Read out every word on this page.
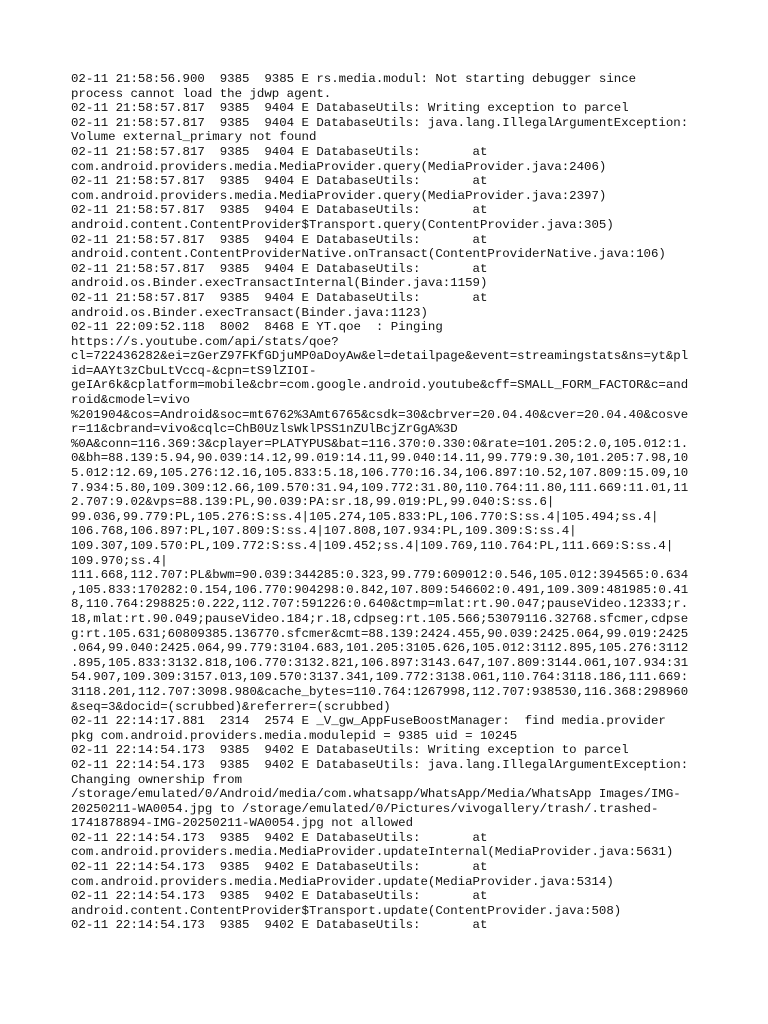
02-11 21:58:56.900  9385  9385 E rs.media.modul: Not starting debugger since
process cannot load the jdwp agent.
02-11 21:58:57.817  9385  9404 E DatabaseUtils: Writing exception to parcel
02-11 21:58:57.817  9385  9404 E DatabaseUtils: java.lang.IllegalArgumentException:
Volume external_primary not found
02-11 21:58:57.817  9385  9404 E DatabaseUtils:       at
com.android.providers.media.MediaProvider.query(MediaProvider.java:2406)
02-11 21:58:57.817  9385  9404 E DatabaseUtils:       at
com.android.providers.media.MediaProvider.query(MediaProvider.java:2397)
02-11 21:58:57.817  9385  9404 E DatabaseUtils:       at
android.content.ContentProvider$Transport.query(ContentProvider.java:305)
02-11 21:58:57.817  9385  9404 E DatabaseUtils:       at
android.content.ContentProviderNative.onTransact(ContentProviderNative.java:106)
02-11 21:58:57.817  9385  9404 E DatabaseUtils:       at
android.os.Binder.execTransactInternal(Binder.java:1159)
02-11 21:58:57.817  9385  9404 E DatabaseUtils:       at
android.os.Binder.execTransact(Binder.java:1123)
02-11 22:09:52.118  8002  8468 E YT.qoe  : Pinging
https://s.youtube.com/api/stats/qoe?
cl=722436282&ei=zGerZ97FKfGDjuMP0aDoyAw&el=detailpage&event=streamingstats&ns=yt&pl
id=AAYt3zCbuLtVccq-&cpn=tS9lZIOI-
geIAr6k&cplatform=mobile&cbr=com.google.android.youtube&cff=SMALL_FORM_FACTOR&c=and
roid&cmodel=vivo
%201904&cos=Android&soc=mt6762%3Amt6765&csdk=30&cbrver=20.04.40&cver=20.04.40&cosve
r=11&cbrand=vivo&cqlc=ChB0UzlsWklPSS1nZUlBcjZrGgA%3D
%0A&conn=116.369:3&cplayer=PLATYPUS&bat=116.370:0.330:0&rate=101.205:2.0,105.012:1.
0&bh=88.139:5.94,90.039:14.12,99.019:14.11,99.040:14.11,99.779:9.30,101.205:7.98,10
5.012:12.69,105.276:12.16,105.833:5.18,106.770:16.34,106.897:10.52,107.809:15.09,10
7.934:5.80,109.309:12.66,109.570:31.94,109.772:31.80,110.764:11.80,111.669:11.01,11
2.707:9.02&vps=88.139:PL,90.039:PA:sr.18,99.019:PL,99.040:S:ss.6|
99.036,99.779:PL,105.276:S:ss.4|105.274,105.833:PL,106.770:S:ss.4|105.494;ss.4|
106.768,106.897:PL,107.809:S:ss.4|107.808,107.934:PL,109.309:S:ss.4|
109.307,109.570:PL,109.772:S:ss.4|109.452;ss.4|109.769,110.764:PL,111.669:S:ss.4|
109.970;ss.4|
111.668,112.707:PL&bwm=90.039:344285:0.323,99.779:609012:0.546,105.012:394565:0.634
,105.833:170282:0.154,106.770:904298:0.842,107.809:546602:0.491,109.309:481985:0.41
8,110.764:298825:0.222,112.707:591226:0.640&ctmp=mlat:rt.90.047;pauseVideo.12333;r.
18,mlat:rt.90.049;pauseVideo.184;r.18,cdpseg:rt.105.566;53079116.32768.sfcmer,cdpse
g:rt.105.631;60809385.136770.sfcmer&cmt=88.139:2424.455,90.039:2425.064,99.019:2425
.064,99.040:2425.064,99.779:3104.683,101.205:3105.626,105.012:3112.895,105.276:3112
.895,105.833:3132.818,106.770:3132.821,106.897:3143.647,107.809:3144.061,107.934:31
54.907,109.309:3157.013,109.570:3137.341,109.772:3138.061,110.764:3118.186,111.669:
3118.201,112.707:3098.980&cache_bytes=110.764:1267998,112.707:938530,116.368:298960
&seq=3&docid=(scrubbed)&referrer=(scrubbed)
02-11 22:14:17.881  2314  2574 E _V_gw_AppFuseBoostManager:  find media.provider
pkg com.android.providers.media.modulepid = 9385 uid = 10245
02-11 22:14:54.173  9385  9402 E DatabaseUtils: Writing exception to parcel
02-11 22:14:54.173  9385  9402 E DatabaseUtils: java.lang.IllegalArgumentException:
Changing ownership from
/storage/emulated/0/Android/media/com.whatsapp/WhatsApp/Media/WhatsApp Images/IMG-
20250211-WA0054.jpg to /storage/emulated/0/Pictures/vivogallery/trash/.trashed-
1741878894-IMG-20250211-WA0054.jpg not allowed
02-11 22:14:54.173  9385  9402 E DatabaseUtils:       at
com.android.providers.media.MediaProvider.updateInternal(MediaProvider.java:5631)
02-11 22:14:54.173  9385  9402 E DatabaseUtils:       at
com.android.providers.media.MediaProvider.update(MediaProvider.java:5314)
02-11 22:14:54.173  9385  9402 E DatabaseUtils:       at
android.content.ContentProvider$Transport.update(ContentProvider.java:508)
02-11 22:14:54.173  9385  9402 E DatabaseUtils:       at
